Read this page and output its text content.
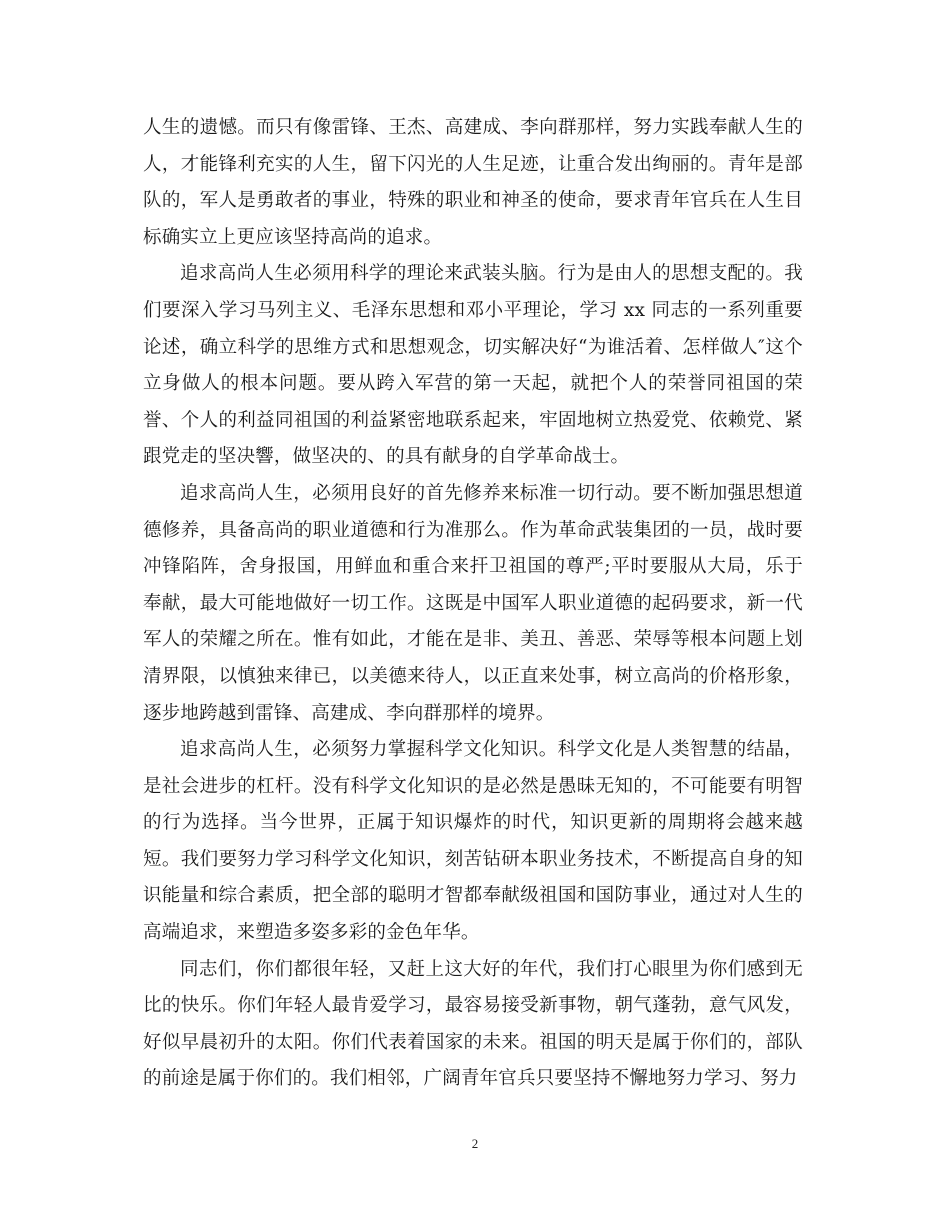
人生的遗憾。而只有像雷锋、王杰、高建成、李向群那样，努力实践奉献人生的人，才能锋利充实的人生，留下闪光的人生足迹，让重合发出绚丽的。青年是部队的，军人是勇敢者的事业，特殊的职业和神圣的使命，要求青年官兵在人生目标确实立上更应该坚持高尚的追求。

追求高尚人生必须用科学的理论来武装头脑。行为是由人的思想支配的。我们要深入学习马列主义、毛泽东思想和邓小平理论，学习 xx 同志的一系列重要论述，确立科学的思维方式和思想观念，切实解决好“为谁活着、怎样做人″这个立身做人的根本问题。要从跨入军营的第一天起，就把个人的荣誉同祖国的荣誉、个人的利益同祖国的利益紧密地联系起来，牢固地树立热爱党、依赖党、紧跟党走的坚决響，做坚决的、的具有献身的自学革命战士。

追求高尚人生，必须用良好的首先修养来标准一切行动。要不断加强思想道德修养，具备高尚的职业道德和行为准那么。作为革命武装集团的一员，战时要冲锋陷阵，舍身报国，用鲜血和重合来扞卫祖国的尊严;平时要服从大局，乐于奉献，最大可能地做好一切工作。这既是中国军人职业道德的起码要求，新一代军人的荣耀之所在。惟有如此，才能在是非、美丑、善恶、荣辱等根本问题上划清界限，以慎独来律已，以美德来待人，以正直来处事，树立高尚的价格形象，逐步地跨越到雷锋、高建成、李向群那样的境界。

追求高尚人生，必须努力掌握科学文化知识。科学文化是人类智慧的结晶，是社会进步的杠杆。没有科学文化知识的是必然是愚昧无知的，不可能要有明智的行为选择。当今世界，正属于知识爆炸的时代，知识更新的周期将会越来越短。我们要努力学习科学文化知识，刻苦钻研本职业务技术，不断提高自身的知识能量和综合素质，把全部的聪明才智都奉献级祖国和国防事业，通过对人生的高端追求，来塑造多姿多彩的金色年华。

同志们，你们都很年轻，又赶上这大好的年代，我们打心眼里为你们感到无比的快乐。你们年轻人最肯爱学习，最容易接受新事物，朝气蓬勃，意气风发，好似早晨初升的太阳。你们代表着国家的未来。祖国的明天是属于你们的，部队的前途是属于你们的。我们相邻，广阔青年官兵只要坚持不懈地努力学习、努力

2
